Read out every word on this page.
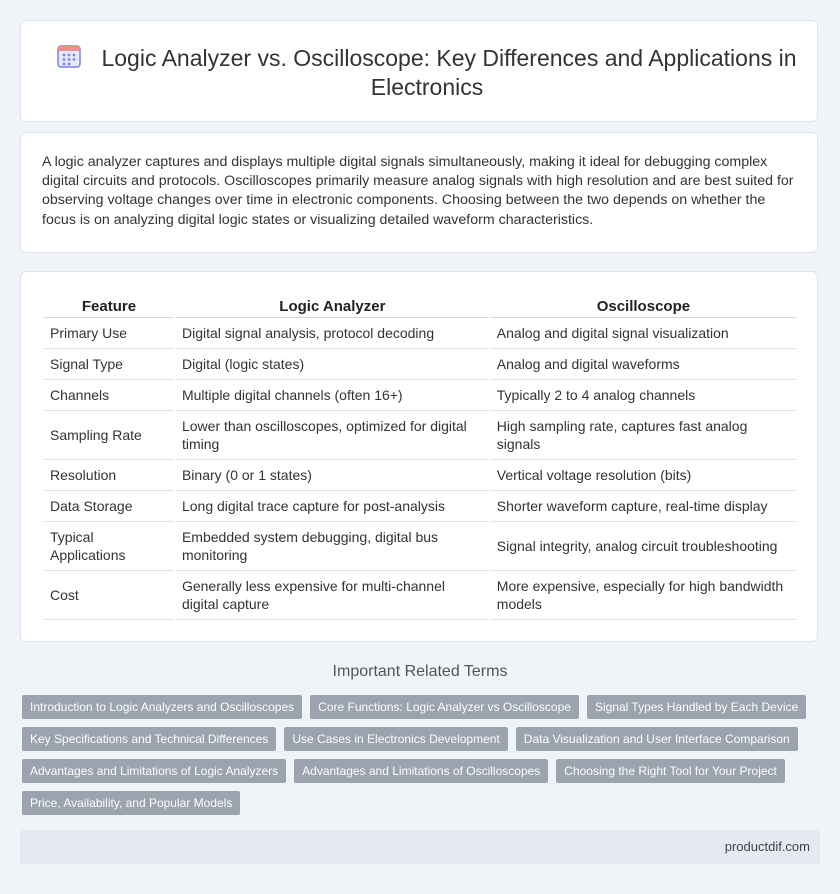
Logic Analyzer vs. Oscilloscope: Key Differences and Applications in Electronics
A logic analyzer captures and displays multiple digital signals simultaneously, making it ideal for debugging complex digital circuits and protocols. Oscilloscopes primarily measure analog signals with high resolution and are best suited for observing voltage changes over time in electronic components. Choosing between the two depends on whether the focus is on analyzing digital logic states or visualizing detailed waveform characteristics.
Feature	Logic Analyzer	Oscilloscope
Primary Use	Digital signal analysis, protocol decoding	Analog and digital signal visualization
Signal Type	Digital (logic states)	Analog and digital waveforms
Channels	Multiple digital channels (often 16+)	Typically 2 to 4 analog channels
Sampling Rate	Lower than oscilloscopes, optimized for digital timing	High sampling rate, captures fast analog signals
Resolution	Binary (0 or 1 states)	Vertical voltage resolution (bits)
Data Storage	Long digital trace capture for post-analysis	Shorter waveform capture, real-time display
Typical Applications	Embedded system debugging, digital bus monitoring	Signal integrity, analog circuit troubleshooting
Cost	Generally less expensive for multi-channel digital capture	More expensive, especially for high bandwidth models
Important Related Terms
Introduction to Logic Analyzers and Oscilloscopes	Core Functions: Logic Analyzer vs Oscilloscope	Signal Types Handled by Each Device
Key Specifications and Technical Differences	Use Cases in Electronics Development	Data Visualization and User Interface Comparison
Advantages and Limitations of Logic Analyzers	Advantages and Limitations of Oscilloscopes	Choosing the Right Tool for Your Project
Price, Availability, and Popular Models
productdif.com
